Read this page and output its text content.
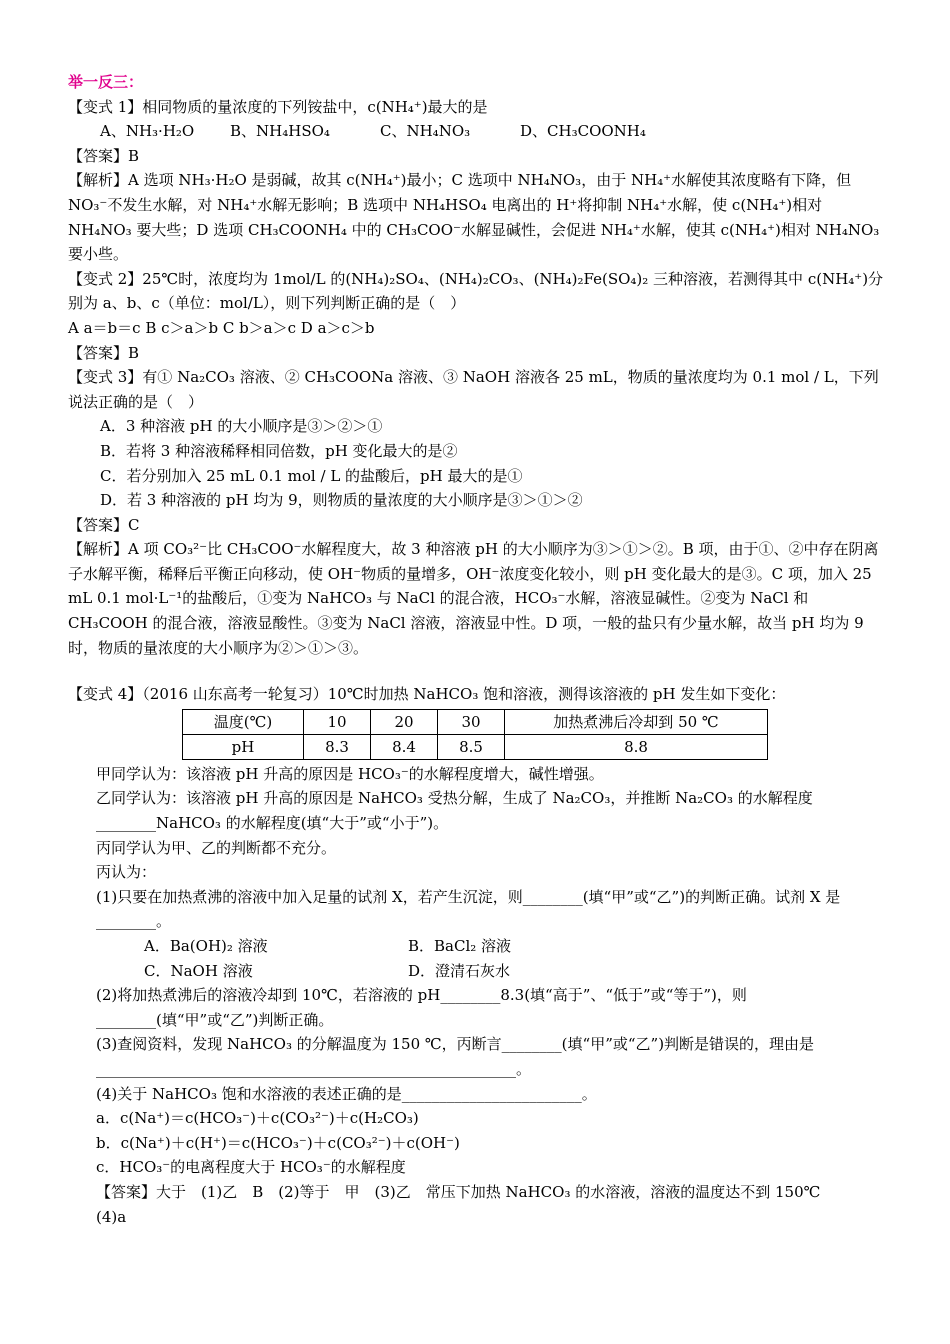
举一反三：

【变式 1】相同物质的量浓度的下列铵盐中，c(NH₄⁺)最大的是

A、NH₃·H₂O	B、NH₄HSO₄	C、NH₄NO₃	D、CH₃COONH₄

【答案】B

【解析】A 选项 NH₃·H₂O 是弱碱，故其 c(NH₄⁺)最小；C 选项中 NH₄NO₃，由于 NH₄⁺水解使其浓度略有下降，但 NO₃⁻不发生水解，对 NH₄⁺水解无影响；B 选项中 NH₄HSO₄ 电离出的 H⁺将抑制 NH₄⁺水解，使 c(NH₄⁺)相对 NH₄NO₃ 要大些；D 选项 CH₃COONH₄ 中的 CH₃COO⁻水解显碱性，会促进 NH₄⁺水解，使其 c(NH₄⁺)相对 NH₄NO₃ 要小些。

【变式 2】25℃时，浓度均为 1mol/L 的(NH₄)₂SO₄、(NH₄)₂CO₃、(NH₄)₂Fe(SO₄)₂ 三种溶液，若测得其中 c(NH₄⁺)分别为 a、b、c（单位：mol/L），则下列判断正确的是（　）

A a＝b＝c B c＞a＞b C b＞a＞c D a＞c＞b

【答案】B

【变式 3】有① Na₂CO₃ 溶液、② CH₃COONa 溶液、③ NaOH 溶液各 25 mL，物质的量浓度均为 0.1 mol / L，下列说法正确的是（　）

A．3 种溶液 pH 的大小顺序是③＞②＞①

B．若将 3 种溶液稀释相同倍数，pH 变化最大的是②

C．若分别加入 25 mL 0.1 mol / L 的盐酸后，pH 最大的是①

D．若 3 种溶液的 pH 均为 9，则物质的量浓度的大小顺序是③＞①＞②

【答案】C

【解析】A 项 CO₃²⁻比 CH₃COO⁻水解程度大，故 3 种溶液 pH 的大小顺序为③＞①＞②。B 项，由于①、②中存在阴离子水解平衡，稀释后平衡正向移动，使 OH⁻物质的量增多，OH⁻浓度变化较小，则 pH 变化最大的是③。C 项，加入 25 mL 0.1 mol·L⁻¹的盐酸后，①变为 NaHCO₃ 与 NaCl 的混合液，HCO₃⁻水解，溶液显碱性。②变为 NaCl 和 CH₃COOH 的混合液，溶液显酸性。③变为 NaCl 溶液，溶液显中性。D 项，一般的盐只有少量水解，故当 pH 均为 9 时，物质的量浓度的大小顺序为②＞①＞③。

【变式 4】（2016 山东高考一轮复习）10℃时加热 NaHCO₃ 饱和溶液，测得该溶液的 pH 发生如下变化：

温度(℃)	10	20	30	加热煮沸后冷却到 50 ℃
pH	8.3	8.4	8.5	8.8

甲同学认为：该溶液 pH 升高的原因是 HCO₃⁻的水解程度增大，碱性增强。

乙同学认为：该溶液 pH 升高的原因是 NaHCO₃ 受热分解，生成了 Na₂CO₃，并推断 Na₂CO₃ 的水解程度________NaHCO₃ 的水解程度(填“大于”或“小于”)。

丙同学认为甲、乙的判断都不充分。

丙认为：

(1)只要在加热煮沸的溶液中加入足量的试剂 X，若产生沉淀，则________(填“甲”或“乙”)的判断正确。试剂 X 是________。

A．Ba(OH)₂ 溶液	B．BaCl₂ 溶液
C．NaOH 溶液	D．澄清石灰水

(2)将加热煮沸后的溶液冷却到 10℃，若溶液的 pH________8.3(填“高于”、“低于”或“等于”)，则________(填“甲”或“乙”)判断正确。

(3)查阅资料，发现 NaHCO₃ 的分解温度为 150 ℃，丙断言________(填“甲”或“乙”)判断是错误的，理由是________________________________________________________。

(4)关于 NaHCO₃ 饱和水溶液的表述正确的是________________________。

a．c(Na⁺)＝c(HCO₃⁻)＋c(CO₃²⁻)＋c(H₂CO₃)

b．c(Na⁺)＋c(H⁺)＝c(HCO₃⁻)＋c(CO₃²⁻)＋c(OH⁻)

c．HCO₃⁻的电离程度大于 HCO₃⁻的水解程度

【答案】大于　(1)乙　B　(2)等于　甲　(3)乙　常压下加热 NaHCO₃ 的水溶液，溶液的温度达不到 150℃

(4)a
